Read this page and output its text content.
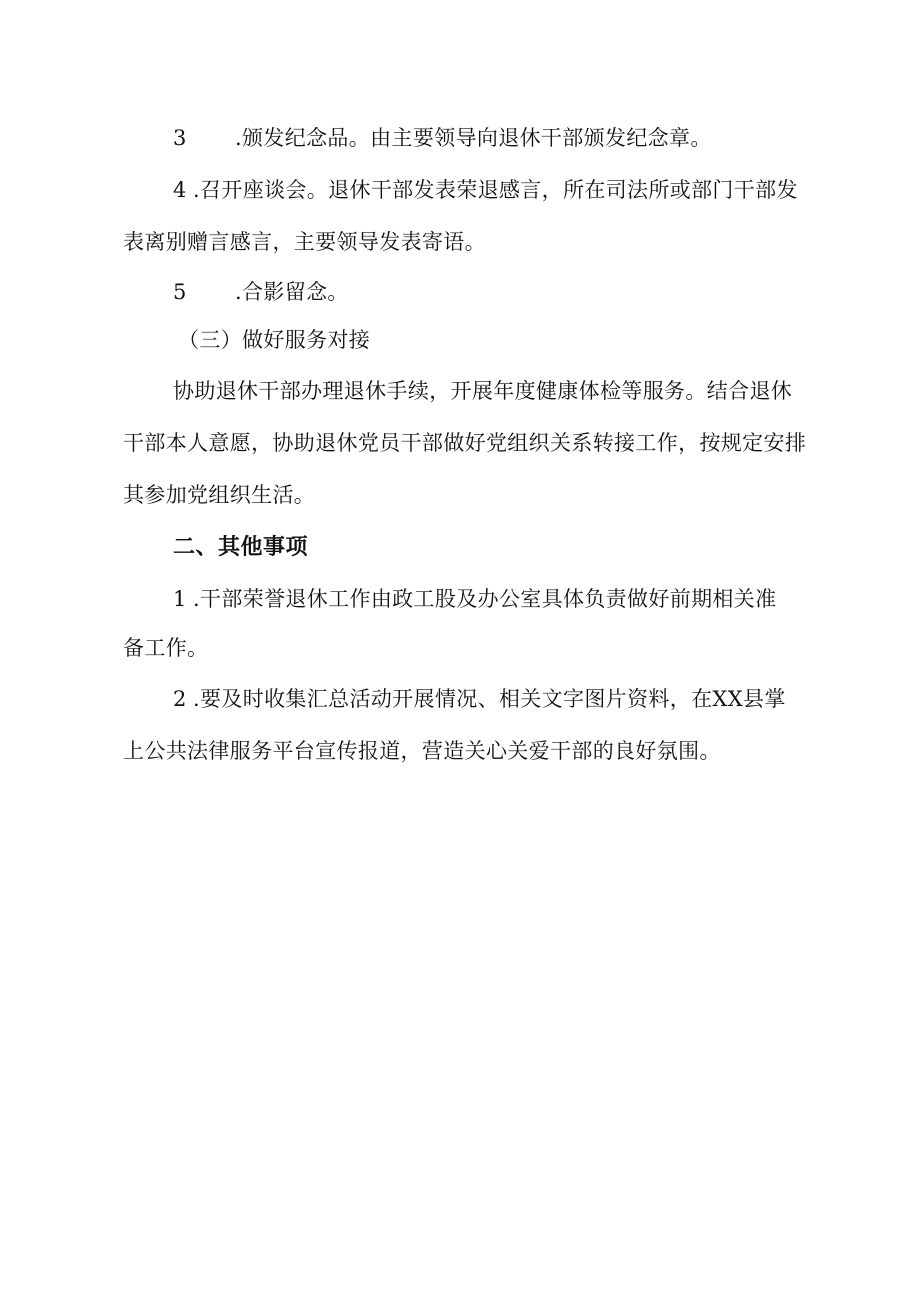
3 .颁发纪念品。由主要领导向退休干部颁发纪念章。
4 .召开座谈会。退休干部发表荣退感言，所在司法所或部门干部发
表离别赠言感言，主要领导发表寄语。
5 .合影留念。
（三）做好服务对接
协助退休干部办理退休手续，开展年度健康体检等服务。结合退休
干部本人意愿，协助退休党员干部做好党组织关系转接工作，按规定安排
其参加党组织生活。
二、其他事项
1 .干部荣誉退休工作由政工股及办公室具体负责做好前期相关准
备工作。
2 .要及时收集汇总活动开展情况、相关文字图片资料，在XX县掌
上公共法律服务平台宣传报道，营造关心关爱干部的良好氛围。
